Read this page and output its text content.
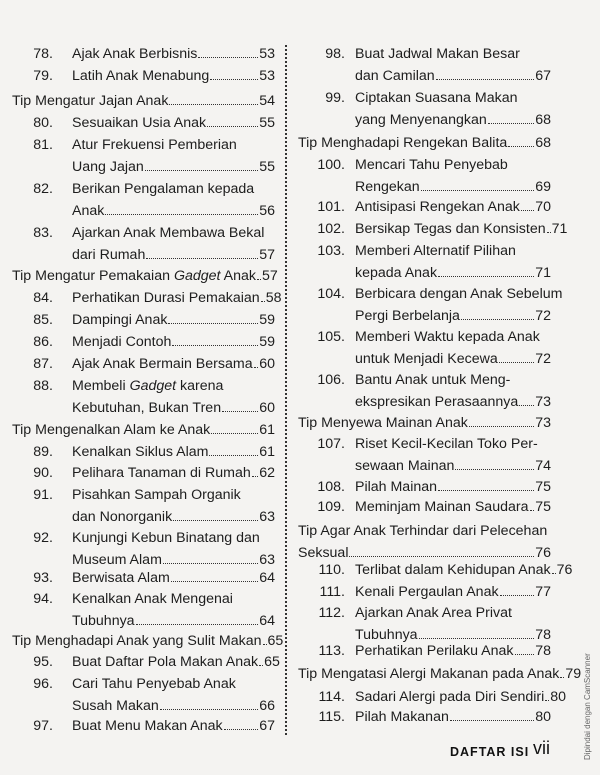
78. Ajak Anak Berbisnis	53
79. Latih Anak Menabung	53
Tip Mengatur Jajan Anak	54
80. Sesuaikan Usia Anak	55
81. Atur Frekuensi Pemberian
Uang Jajan	55
82. Berikan Pengalaman kepada
Anak	56
83. Ajarkan Anak Membawa Bekal
dari Rumah	57
Tip Mengatur Pemakaian Gadget Anak 57
84. Perhatikan Durasi Pemakaian 58
85. Dampingi Anak	59
86. Menjadi Contoh	59
87. Ajak Anak Bermain Bersama 60
88. Membeli Gadget karena
Kebutuhan, Bukan Tren	60
Tip Mengenalkan Alam ke Anak	61
89. Kenalkan Siklus Alam	61
90. Pelihara Tanaman di Rumah 62
91. Pisahkan Sampah Organik
dan Nonorganik	63
92. Kunjungi Kebun Binatang dan
Museum Alam	63
93. Berwisata Alam	64
94. Kenalkan Anak Mengenai
Tubuhnya	64
Tip Menghadapi Anak yang Sulit Makan 65
95. Buat Daftar Pola Makan Anak 65
96. Cari Tahu Penyebab Anak
Susah Makan	66
97. Buat Menu Makan Anak	67
98. Buat Jadwal Makan Besar
dan Camilan	67
99. Ciptakan Suasana Makan
yang Menyenangkan	68
Tip Menghadapi Rengekan Balita 68
100. Mencari Tahu Penyebab
Rengekan	69
101. Antisipasi Rengekan Anak 70
102. Bersikap Tegas dan Konsisten 71
103. Memberi Alternatif Pilihan
kepada Anak	71
104. Berbicara dengan Anak Sebelum
Pergi Berbelanja	72
105. Memberi Waktu kepada Anak
untuk Menjadi Kecewa	72
106. Bantu Anak untuk Meng-
ekspresikan Perasaannya 73
Tip Menyewa Mainan Anak	73
107. Riset Kecil-Kecilan Toko Per-
sewaan Mainan	74
108. Pilah Mainan	75
109. Meminjam Mainan Saudara 75
Tip Agar Anak Terhindar dari Pelecehan
Seksual	76
110. Terlibat dalam Kehidupan Anak 76
111. Kenali Pergaulan Anak	77
112. Ajarkan Anak Area Privat
Tubuhnya	78
113. Perhatikan Perilaku Anak 78
Tip Mengatasi Alergi Makanan pada Anak 79
114. Sadari Alergi pada Diri Sendiri 80
115. Pilah Makanan	80
DAFTAR ISI vii	Dipindai dengan CamScanner
